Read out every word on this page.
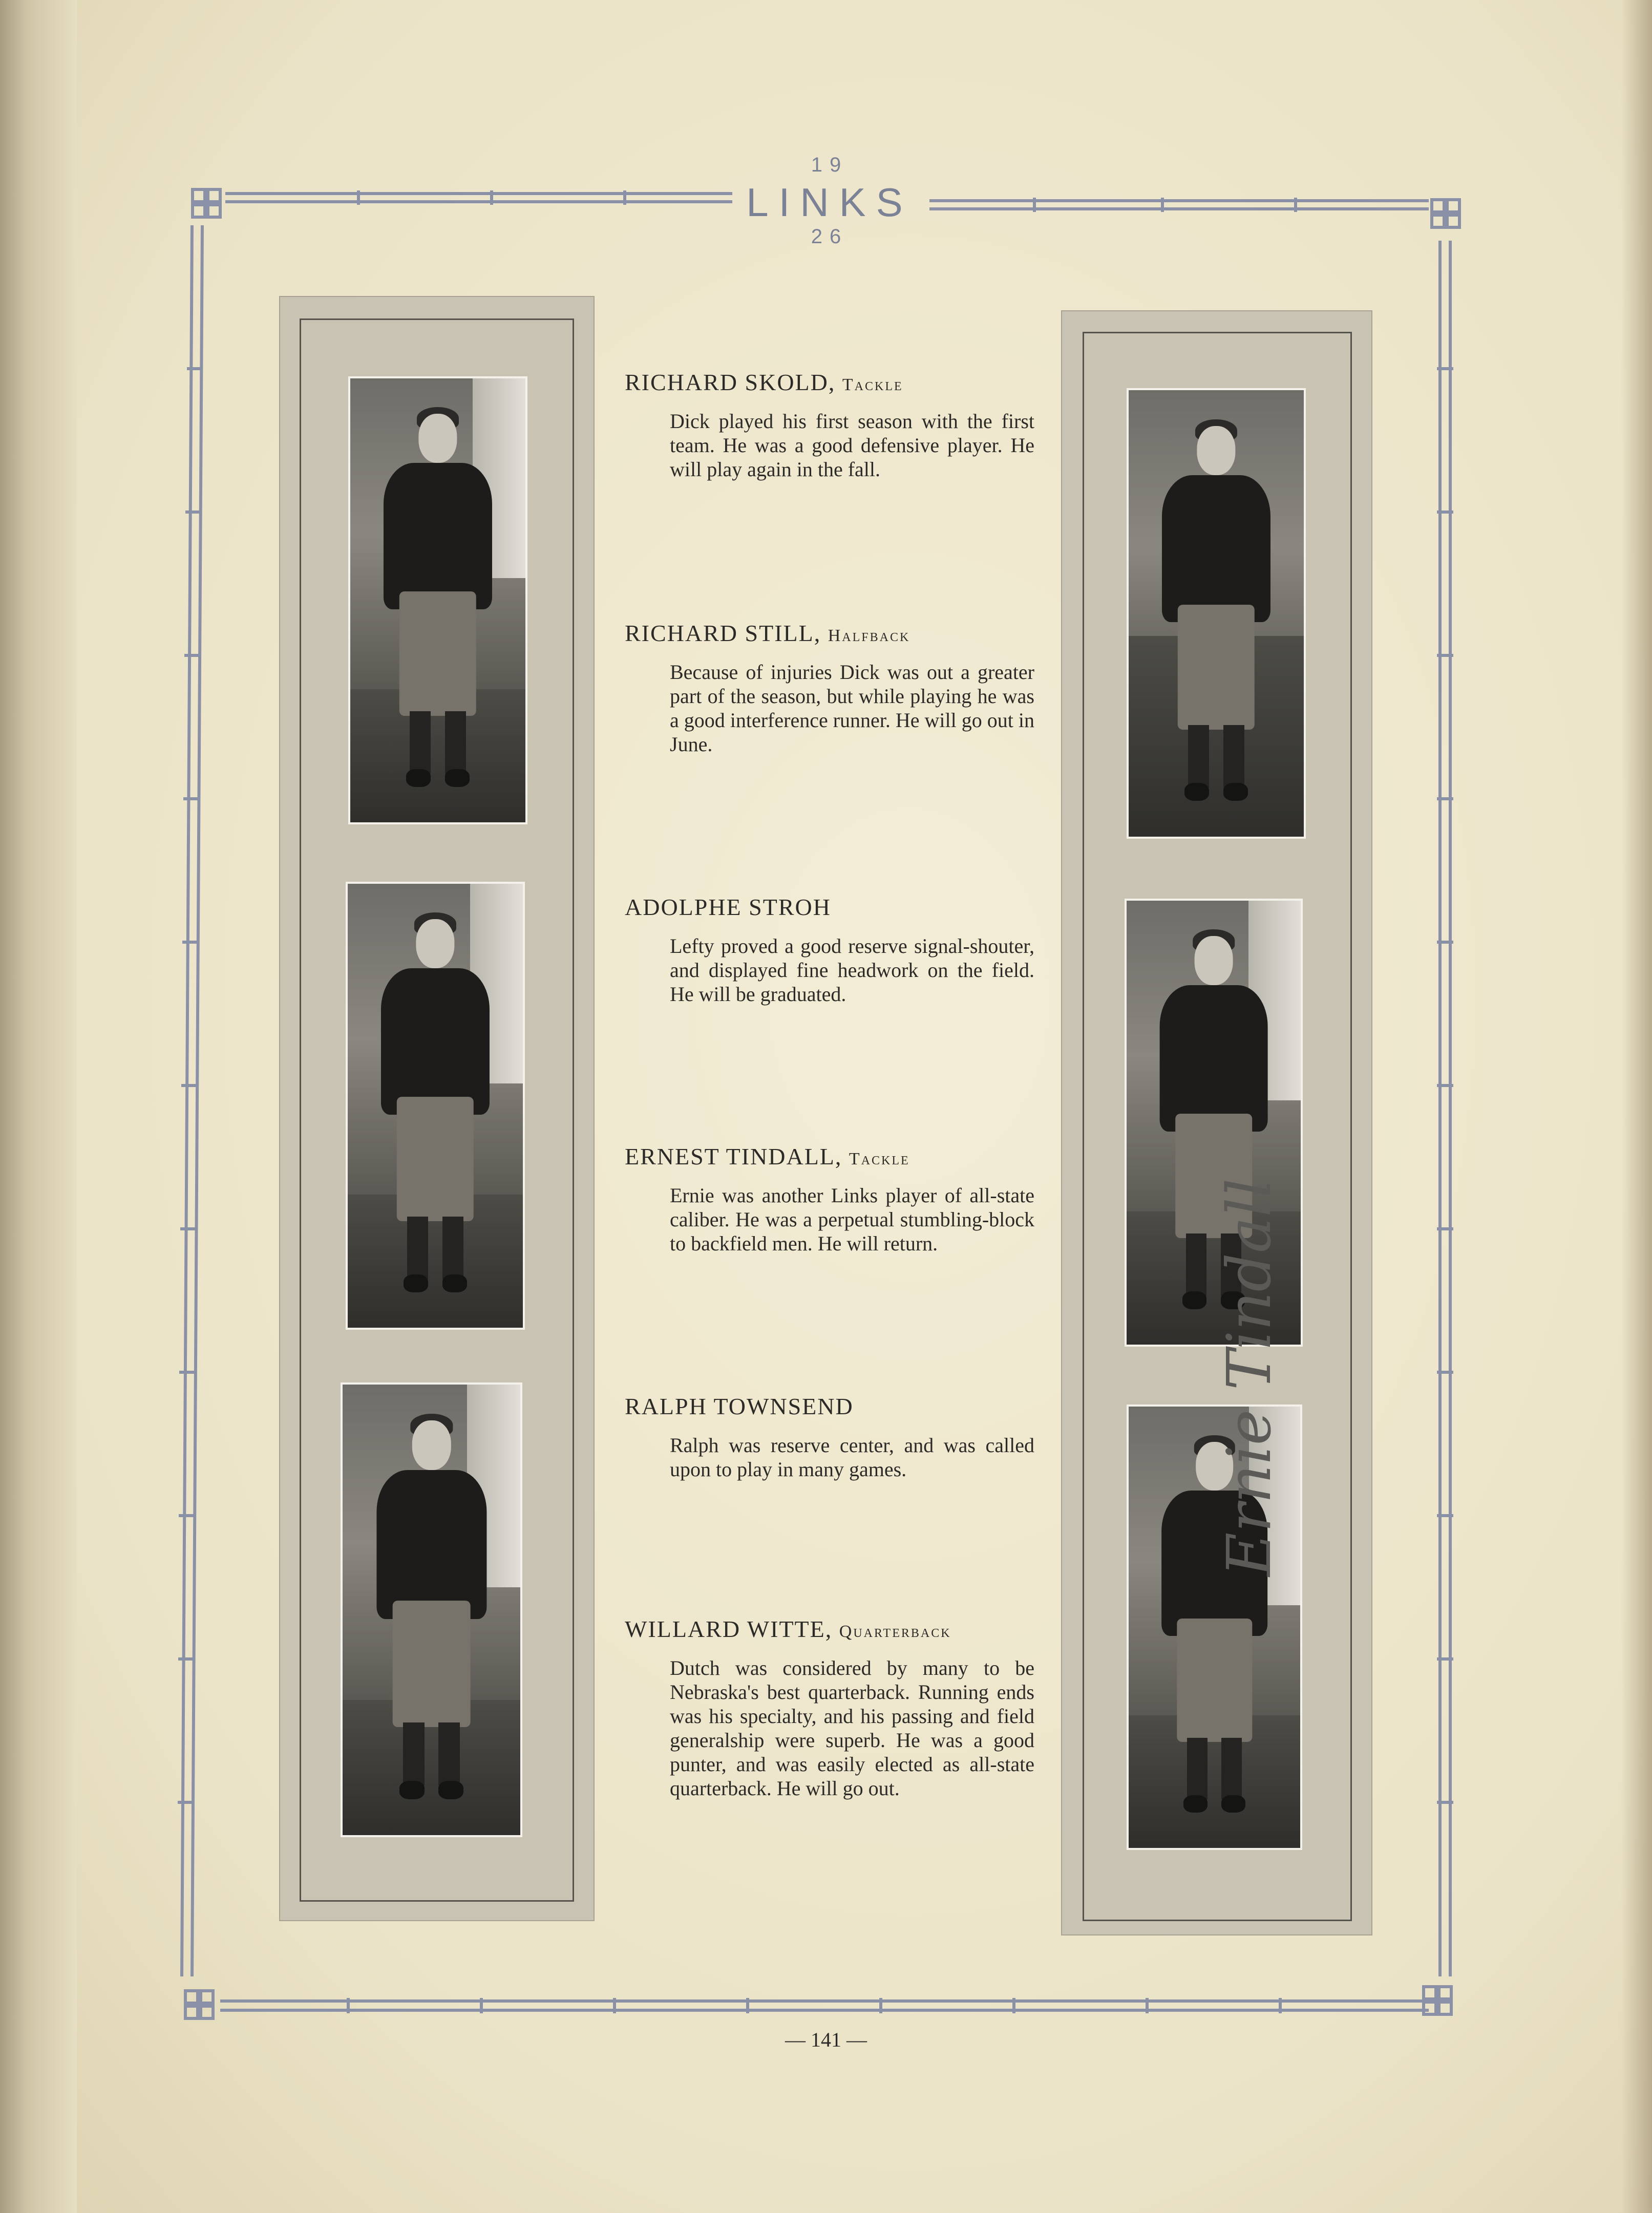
19
LINKS
26
Ernie Tindall

RICHARD SKOLD, Tackle

Dick played his first season with the first team. He was a good defensive player. He will play again in the fall.

RICHARD STILL, Halfback

Because of injuries Dick was out a greater part of the season, but while playing he was a good interference runner. He will go out in June.

ADOLPHE STROH

Lefty proved a good reserve signal-shouter, and displayed fine headwork on the field. He will be graduated.

ERNEST TINDALL, Tackle

Ernie was another Links player of all-state caliber. He was a perpetual stumbling-block to backfield men. He will return.

RALPH TOWNSEND

Ralph was reserve center, and was called upon to play in many games.

WILLARD WITTE, Quarterback

Dutch was considered by many to be Nebraska's best quarterback. Running ends was his specialty, and his passing and field generalship were superb. He was a good punter, and was easily elected as all-state quarterback. He will go out.

— 141 —
